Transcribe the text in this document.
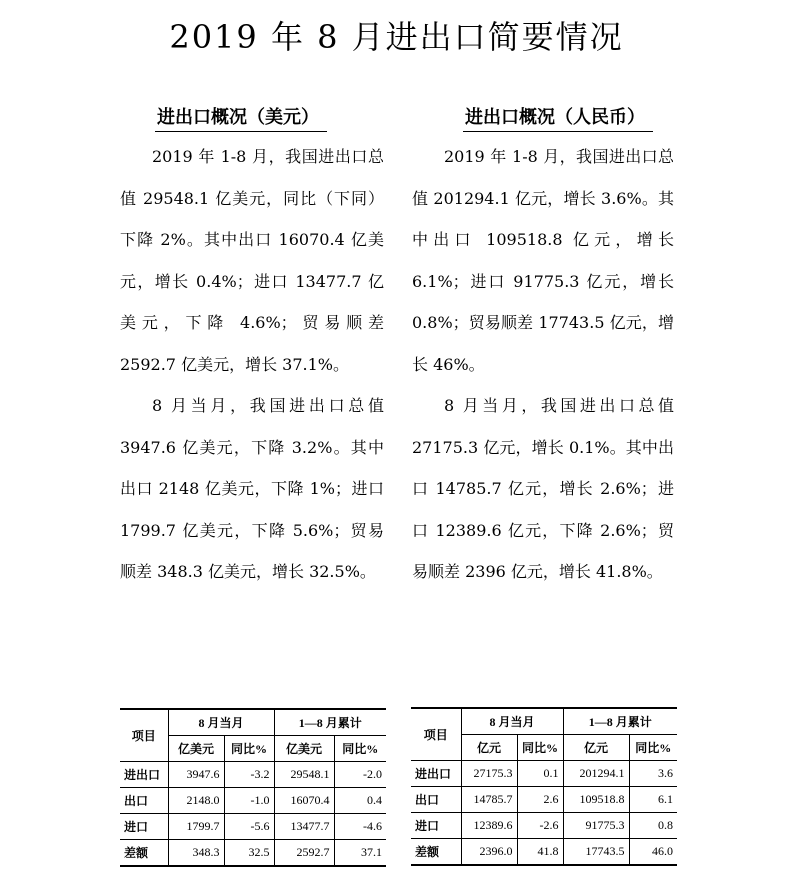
2019 年 8 月进出口简要情况
进出口概况（美元）

2019 年 1-8 月，我国进出口总值 29548.1 亿美元，同比（下同）下降 2%。其中出口 16070.4 亿美元，增长 0.4%；进口 13477.7 亿美元，下降 4.6%；贸易顺差 2592.7 亿美元，增长 37.1%。

8 月当月，我国进出口总值 3947.6 亿美元，下降 3.2%。其中出口 2148 亿美元，下降 1%；进口 1799.7 亿美元，下降 5.6%；贸易顺差 348.3 亿美元，增长 32.5%。

进出口概况（人民币）

2019 年 1-8 月，我国进出口总值 201294.1 亿元，增长 3.6%。其中出口 109518.8 亿元，增长 6.1%；进口 91775.3 亿元，增长 0.8%；贸易顺差 17743.5 亿元，增长 46%。

8 月当月，我国进出口总值 27175.3 亿元，增长 0.1%。其中出口 14785.7 亿元，增长 2.6%；进口 12389.6 亿元，下降 2.6%；贸易顺差 2396 亿元，增长 41.8%。

项目	8 月当月		1—8 月累计	
	亿美元	同比%	亿美元	同比%
进出口	3947.6	-3.2	29548.1	-2.0
出口	2148.0	-1.0	16070.4	0.4
进口	1799.7	-5.6	13477.7	-4.6
差额	348.3	32.5	2592.7	37.1
项目	8 月当月		1—8 月累计	
	亿元	同比%	亿元	同比%
进出口	27175.3	0.1	201294.1	3.6
出口	14785.7	2.6	109518.8	6.1
进口	12389.6	-2.6	91775.3	0.8
差额	2396.0	41.8	17743.5	46.0
